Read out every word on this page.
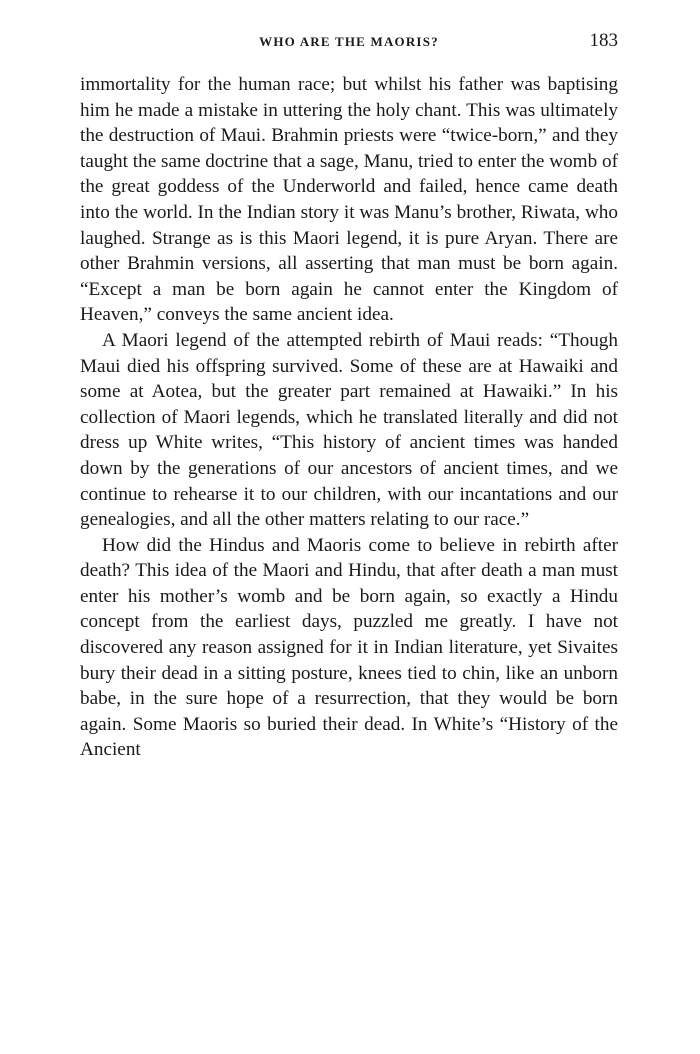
WHO ARE THE MAORIS?	183

immortality for the human race; but whilst his father was baptising him he made a mistake in uttering the holy chant. This was ultimately the destruction of Maui. Brahmin priests were “twice-born,” and they taught the same doctrine that a sage, Manu, tried to enter the womb of the great goddess of the Underworld and failed, hence came death into the world. In the Indian story it was Manu’s brother, Riwata, who laughed. Strange as is this Maori legend, it is pure Aryan. There are other Brahmin versions, all asserting that man must be born again. “Except a man be born again he cannot enter the Kingdom of Heaven,” conveys the same ancient idea.

A Maori legend of the attempted rebirth of Maui reads: “Though Maui died his offspring survived. Some of these are at Hawaiki and some at Aotea, but the greater part remained at Hawaiki.” In his collection of Maori legends, which he translated literally and did not dress up White writes, “This history of ancient times was handed down by the generations of our ancestors of ancient times, and we continue to rehearse it to our children, with our incantations and our genealogies, and all the other matters relating to our race.”

How did the Hindus and Maoris come to believe in rebirth after death? This idea of the Maori and Hindu, that after death a man must enter his mother’s womb and be born again, so exactly a Hindu concept from the earliest days, puzzled me greatly. I have not discovered any reason assigned for it in Indian literature, yet Sivaites bury their dead in a sitting posture, knees tied to chin, like an unborn babe, in the sure hope of a resurrection, that they would be born again. Some Maoris so buried their dead. In White’s “History of the Ancient
